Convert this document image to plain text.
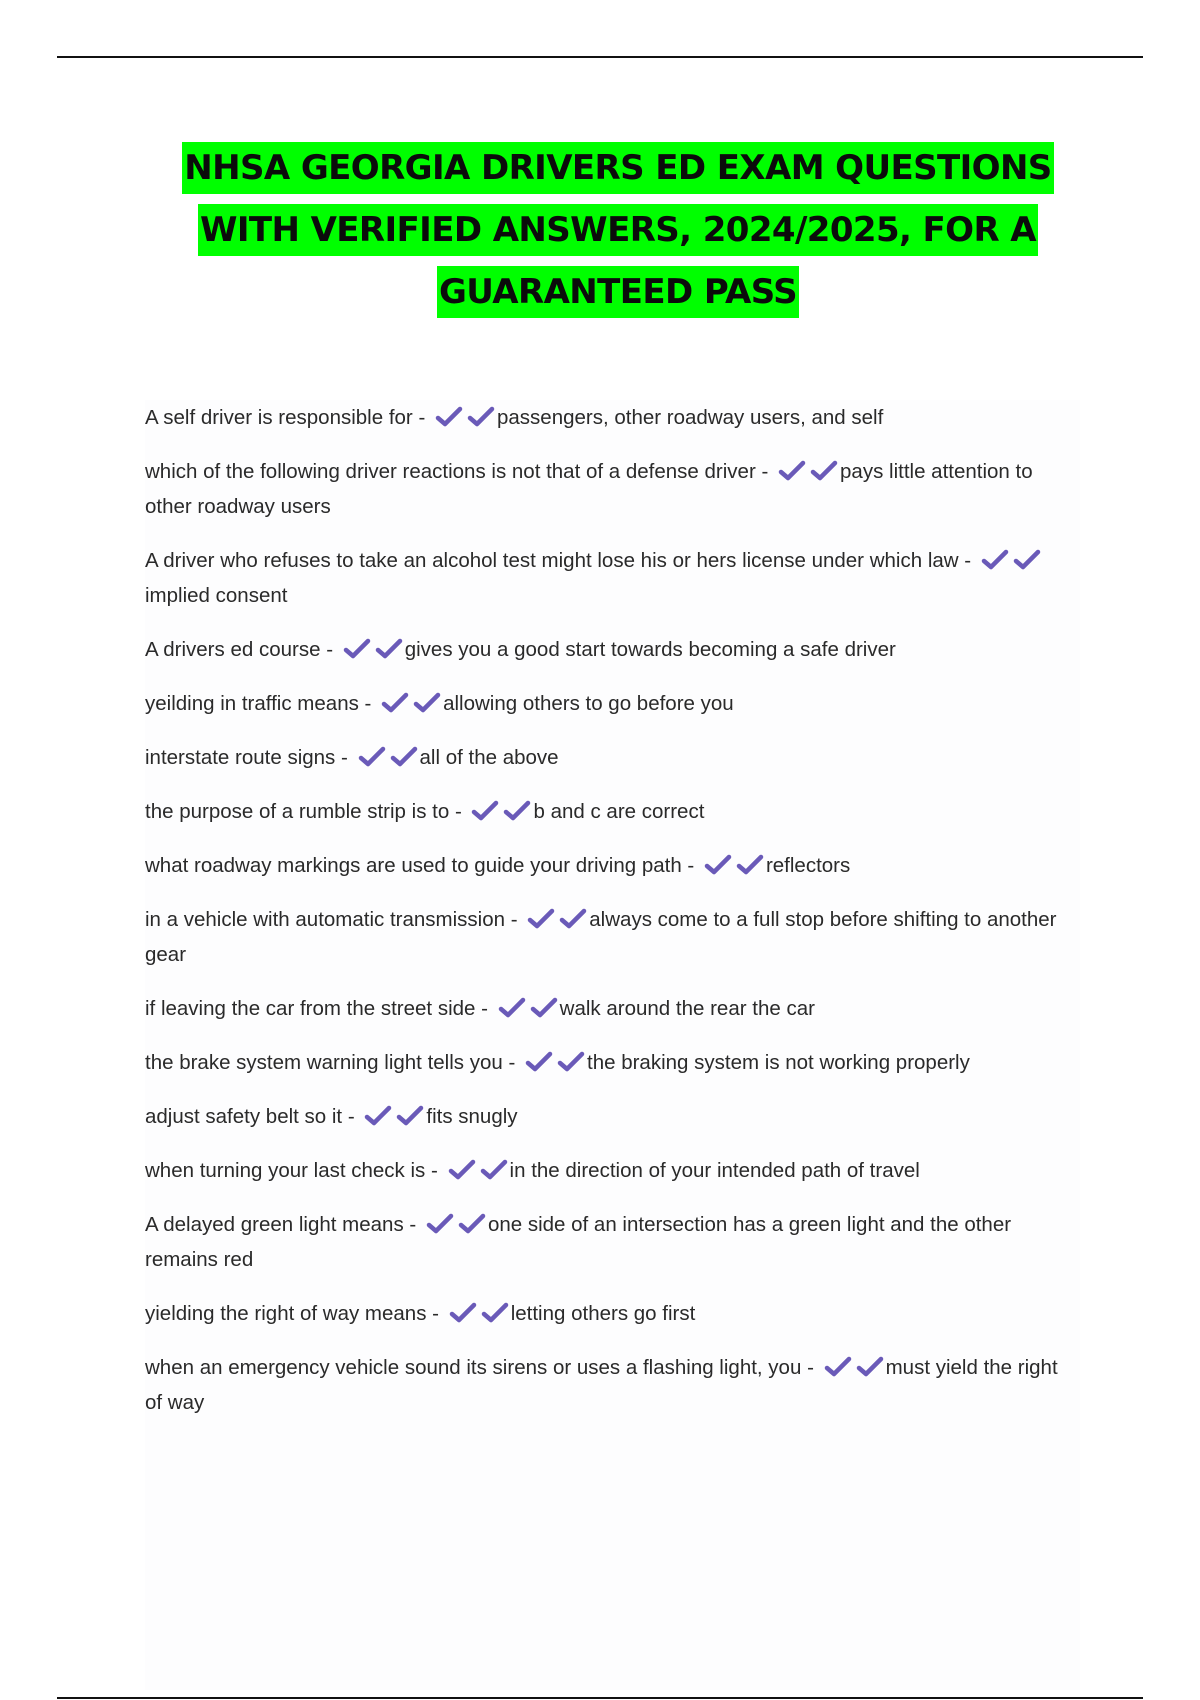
NHSA GEORGIA DRIVERS ED EXAM QUESTIONS
WITH VERIFIED ANSWERS, 2024/2025, FOR A
GUARANTEED PASS
A self driver is responsible for -	passengers, other roadway users, and self
which of the following driver reactions is not that of a defense driver -	pays little attention to other roadway users
A driver who refuses to take an alcohol test might lose his or hers license under which law -
implied consent
A drivers ed course -	gives you a good start towards becoming a safe driver
yeilding in traffic means -	allowing others to go before you
interstate route signs -	all of the above
the purpose of a rumble strip is to -	b and c are correct
what roadway markings are used to guide your driving path -	reflectors
in a vehicle with automatic transmission -	always come to a full stop before shifting to another gear
if leaving the car from the street side -	walk around the rear the car
the brake system warning light tells you -	the braking system is not working properly
adjust safety belt so it -	fits snugly
when turning your last check is -	in the direction of your intended path of travel
A delayed green light means -	one side of an intersection has a green light and the other remains red
yielding the right of way means -	letting others go first
when an emergency vehicle sound its sirens or uses a flashing light, you -	must yield the right of way
